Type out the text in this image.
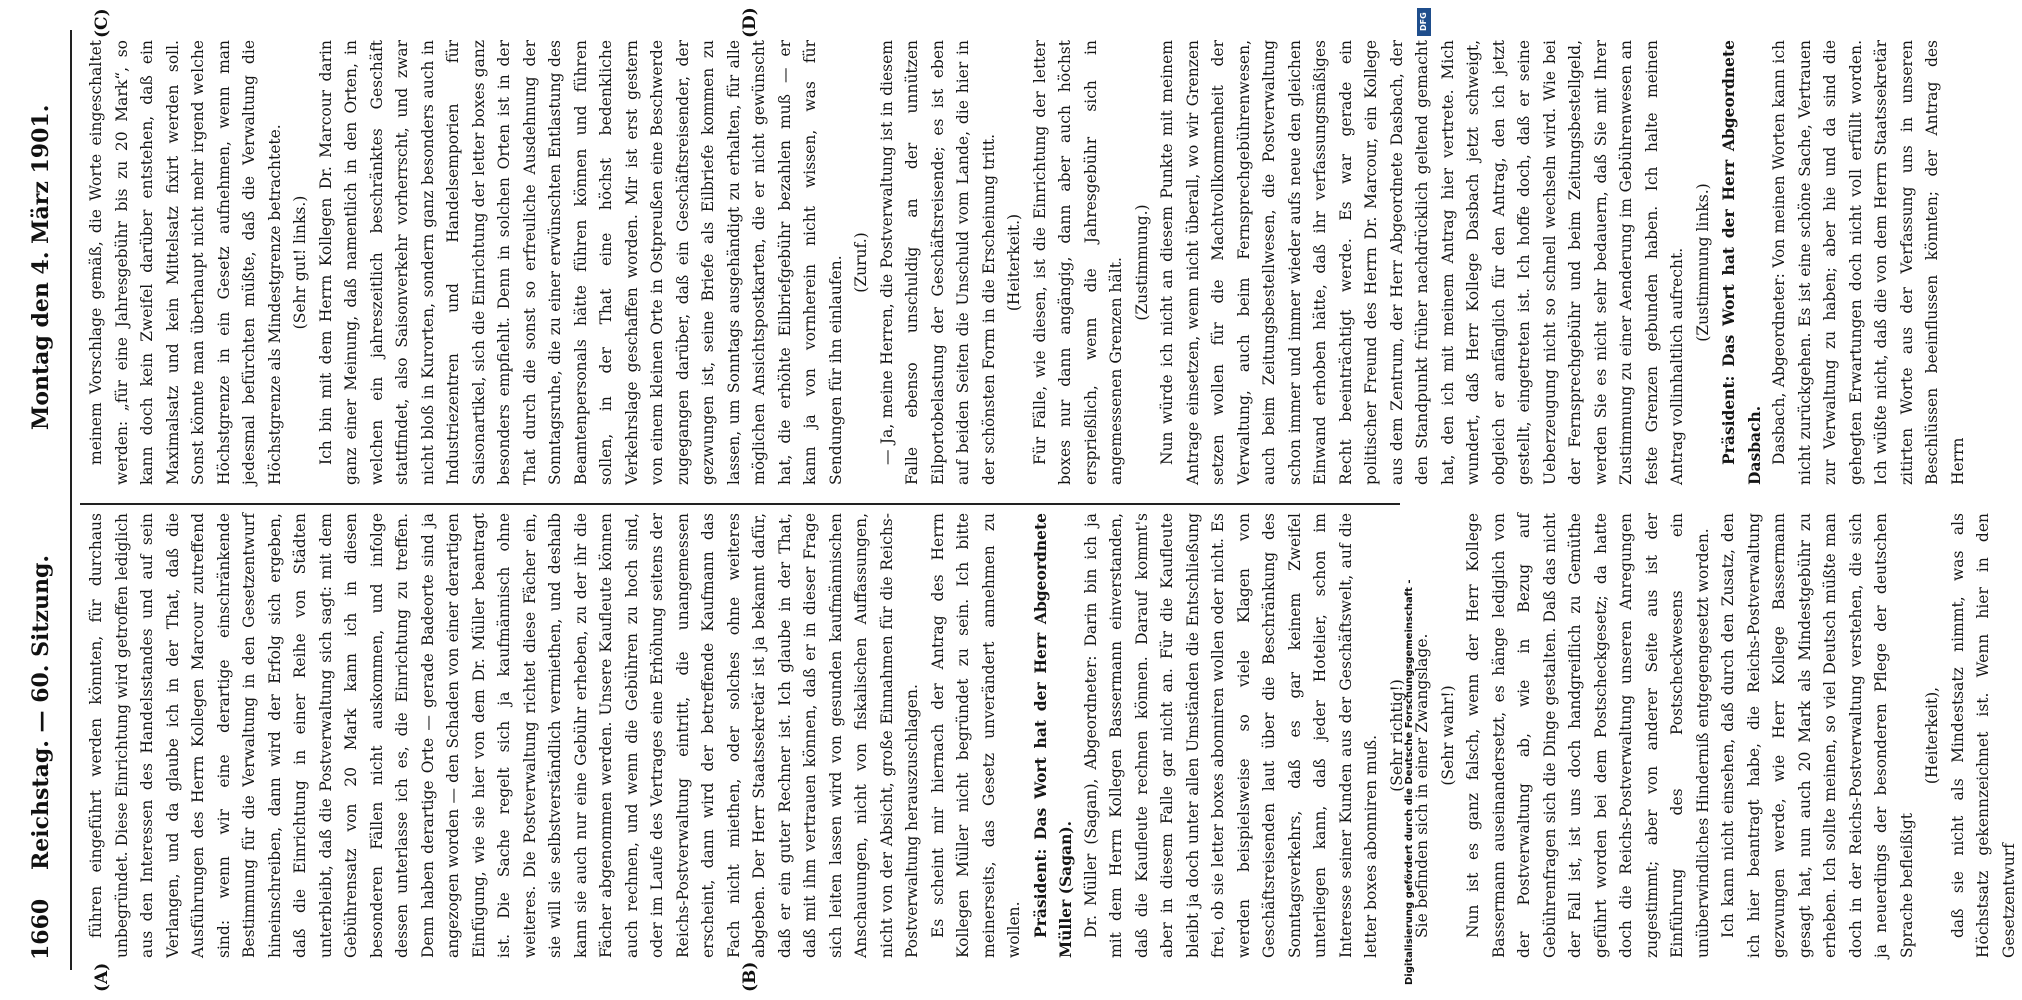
1660
Reichstag. — 60. Sitzung.
Montag den 4. März 1901.
(A)	(B)
(C)	(D)

führen eingeführt werden könnten, für durchaus unbegründet. Diese Einrichtung wird getroffen lediglich aus den Interessen des Handelsstandes und auf sein Verlangen, und da glaube ich in der That, daß die Ausführungen des Herrn Kollegen Marcour zutreffend sind: wenn wir eine derartige einschränkende Bestimmung für die Verwaltung in den Gesetzentwurf hineinschreiben, dann wird der Erfolg sich ergeben, daß die Einrichtung in einer Reihe von Städten unterbleibt, daß die Postverwaltung sich sagt: mit dem Gebührensatz von 20 Mark kann ich in diesen besonderen Fällen nicht auskommen, und infolge dessen unterlasse ich es, die Einrichtung zu treffen. Denn haben derartige Orte — gerade Badeorte sind ja angezogen worden — den Schaden von einer derartigen Einfügung, wie sie hier von dem Dr. Müller beantragt ist. Die Sache regelt sich ja kaufmännisch ohne weiteres. Die Postverwaltung richtet diese Fächer ein, sie will sie selbstverständlich vermiethen, und deshalb kann sie auch nur eine Gebühr erheben, zu der ihr die Fächer abgenommen werden. Unsere Kaufleute können auch rechnen, und wenn die Gebühren zu hoch sind, oder im Laufe des Vertrages eine Erhöhung seitens der Reichs-Postverwaltung eintritt, die unangemessen erscheint, dann wird der betreffende Kaufmann das Fach nicht miethen, oder solches ohne weiteres abgeben. Der Herr Staatssekretär ist ja bekannt dafür, daß er ein guter Rechner ist. Ich glaube in der That, daß mit ihm vertrauen können, daß er in dieser Frage sich leiten lassen wird von gesunden kaufmännischen Anschauungen, nicht von fiskalischen Auffassungen, nicht von der Absicht, große Einnahmen für die Reichs-Postverwaltung herauszuschlagen. Es scheint mir hiernach der Antrag des Herrn Kollegen Müller nicht begründet zu sein. Ich bitte meinerseits, das Gesetz unverändert annehmen zu wollen. Präsident: Das Wort hat der Herr Abgeordnete Müller (Sagan). Dr. Müller (Sagan), Abgeordneter: Darin bin ich ja mit dem Herrn Kollegen Bassermann einverstanden, daß die Kaufleute rechnen können. Darauf kommt's aber in diesem Falle gar nicht an. Für die Kaufleute bleibt ja doch unter allen Umständen die Entschließung frei, ob sie letter boxes abonniren wollen oder nicht. Es werden beispielsweise so viele Klagen von Geschäftsreisenden laut über die Beschränkung des Sonntagsverkehrs, daß es gar keinem Zweifel unterliegen kann, daß jeder Hotelier, schon im Interesse seiner Kunden aus der Geschäftswelt, auf die letter boxes abonniren muß. (Sehr richtig!) Sie befinden sich in einer Zwangslage. (Sehr wahr!) Nun ist es ganz falsch, wenn der Herr Kollege Bassermann auseinandersetzt, es hänge lediglich von der Postverwaltung ab, wie in Bezug auf Gebührenfragen sich die Dinge gestalten. Daß das nicht der Fall ist, ist uns doch handgreiflich zu Gemüthe geführt worden bei dem Postscheckgesetz; da hatte doch die Reichs-Postverwaltung unseren Anregungen zugestimmt; aber von anderer Seite aus ist der Einführung des Postscheckwesens ein unüberwindliches Hinderniß entgegengesetzt worden. Ich kann nicht einsehen, daß durch den Zusatz, den ich hier beantragt habe, die Reichs-Postverwaltung gezwungen werde, wie Herr Kollege Bassermann gesagt hat, nun auch 20 Mark als Mindestgebühr zu erheben. Ich sollte meinen, so viel Deutsch müßte man doch in der Reichs-Postverwaltung verstehen, die sich ja neuerdings der besonderen Pflege der deutschen Sprache befleißigt

(Heiterkeit), daß sie nicht als Mindestsatz nimmt, was als Höchstsatz gekennzeichnet ist. Wenn hier in den Gesetzentwurf

meinem Vorschlage gemäß, die Worte eingeschaltet werden: „für eine Jahresgebühr bis zu 20 Mark“, so kann doch kein Zweifel darüber entstehen, daß ein Maximalsatz und kein Mittelsatz fixirt werden soll. Sonst könnte man überhaupt nicht mehr irgend welche Höchstgrenze in ein Gesetz aufnehmen, wenn man jedesmal befürchten müßte, daß die Verwaltung die Höchstgrenze als Mindestgrenze betrachtete. (Sehr gut! links.) Ich bin mit dem Herrn Kollegen Dr. Marcour darin ganz einer Meinung, daß namentlich in den Orten, in welchen ein jahreszeitlich beschränktes Geschäft stattfindet, also Saisonverkehr vorherrscht, und zwar nicht bloß in Kurorten, sondern ganz besonders auch in Industriezentren und Handelsemporien für Saisonartikel, sich die Einrichtung der letter boxes ganz besonders empfiehlt. Denn in solchen Orten ist in der That durch die sonst so erfreuliche Ausdehnung der Sonntagsruhe, die zu einer erwünschten Entlastung des Beamtenpersonals hätte führen können und führen sollen, in der That eine höchst bedenkliche Verkehrslage geschaffen worden. Mir ist erst gestern von einem kleinen Orte in Ostpreußen eine Beschwerde zugegangen darüber, daß ein Geschäftsreisender, der gezwungen ist, seine Briefe als Eilbriefe kommen zu lassen, um Sonntags ausgehändigt zu erhalten, für alle möglichen Ansichtspostkarten, die er nicht gewünscht hat, die erhöhte Eilbriefgebühr bezahlen muß — er kann ja von vornherein nicht wissen, was für Sendungen für ihn einlaufen. (Zuruf.) — Ja, meine Herren, die Postverwaltung ist in diesem Falle ebenso unschuldig an der unnützen Eilportobelastung der Geschäftsreisende; es ist eben auf beiden Seiten die Unschuld vom Lande, die hier in der schönsten Form in die Erscheinung tritt. (Heiterkeit.) Für Fälle, wie diesen, ist die Einrichtung der letter boxes nur dann angängig, dann aber auch höchst ersprießlich, wenn die Jahresgebühr sich in angemessenen Grenzen hält. (Zustimmung.) Nun würde ich nicht an diesem Punkte mit meinem Antrage einsetzen, wenn nicht überall, wo wir Grenzen setzen wollen für die Machtvollkommenheit der Verwaltung, auch beim Fernsprechgebührenwesen, auch beim Zeitungsbestellwesen, die Postverwaltung schon immer und immer wieder aufs neue den gleichen Einwand erhoben hätte, daß ihr verfassungsmäßiges Recht beeinträchtigt werde. Es war gerade ein politischer Freund des Herrn Dr. Marcour, ein Kollege aus dem Zentrum, der Herr Abgeordnete Dasbach, der den Standpunkt früher nachdrücklich geltend gemacht hat, den ich mit meinem Antrag hier vertrete. Mich wundert, daß Herr Kollege Dasbach jetzt schweigt, obgleich er anfänglich für den Antrag, den ich jetzt gestellt, eingetreten ist. Ich hoffe doch, daß er seine Ueberzeugung nicht so schnell wechseln wird. Wie bei der Fernsprechgebühr und beim Zeitungsbestellgeld, werden Sie es nicht sehr bedauern, daß Sie mit Ihrer Zustimmung zu einer Aenderung im Gebührenwesen an feste Grenzen gebunden haben. Ich halte meinen Antrag vollinhaltlich aufrecht. (Zustimmung links.) Präsident: Das Wort hat der Herr Abgeordnete Dasbach. Dasbach, Abgeordneter: Von meinen Worten kann ich nicht zurückgehen. Es ist eine schöne Sache, Vertrauen zur Verwaltung zu haben; aber hie und da sind die gehegten Erwartungen doch nicht voll erfüllt worden. Ich wüßte nicht, daß die von dem Herrn Staatssekretär zitirten Worte aus der Verfassung uns in unseren Beschlüssen beeinflussen könnten; der Antrag des Herrn

DFG
Digitalisierung gefördert durch die Deutsche Forschungsgemeinschaft -
